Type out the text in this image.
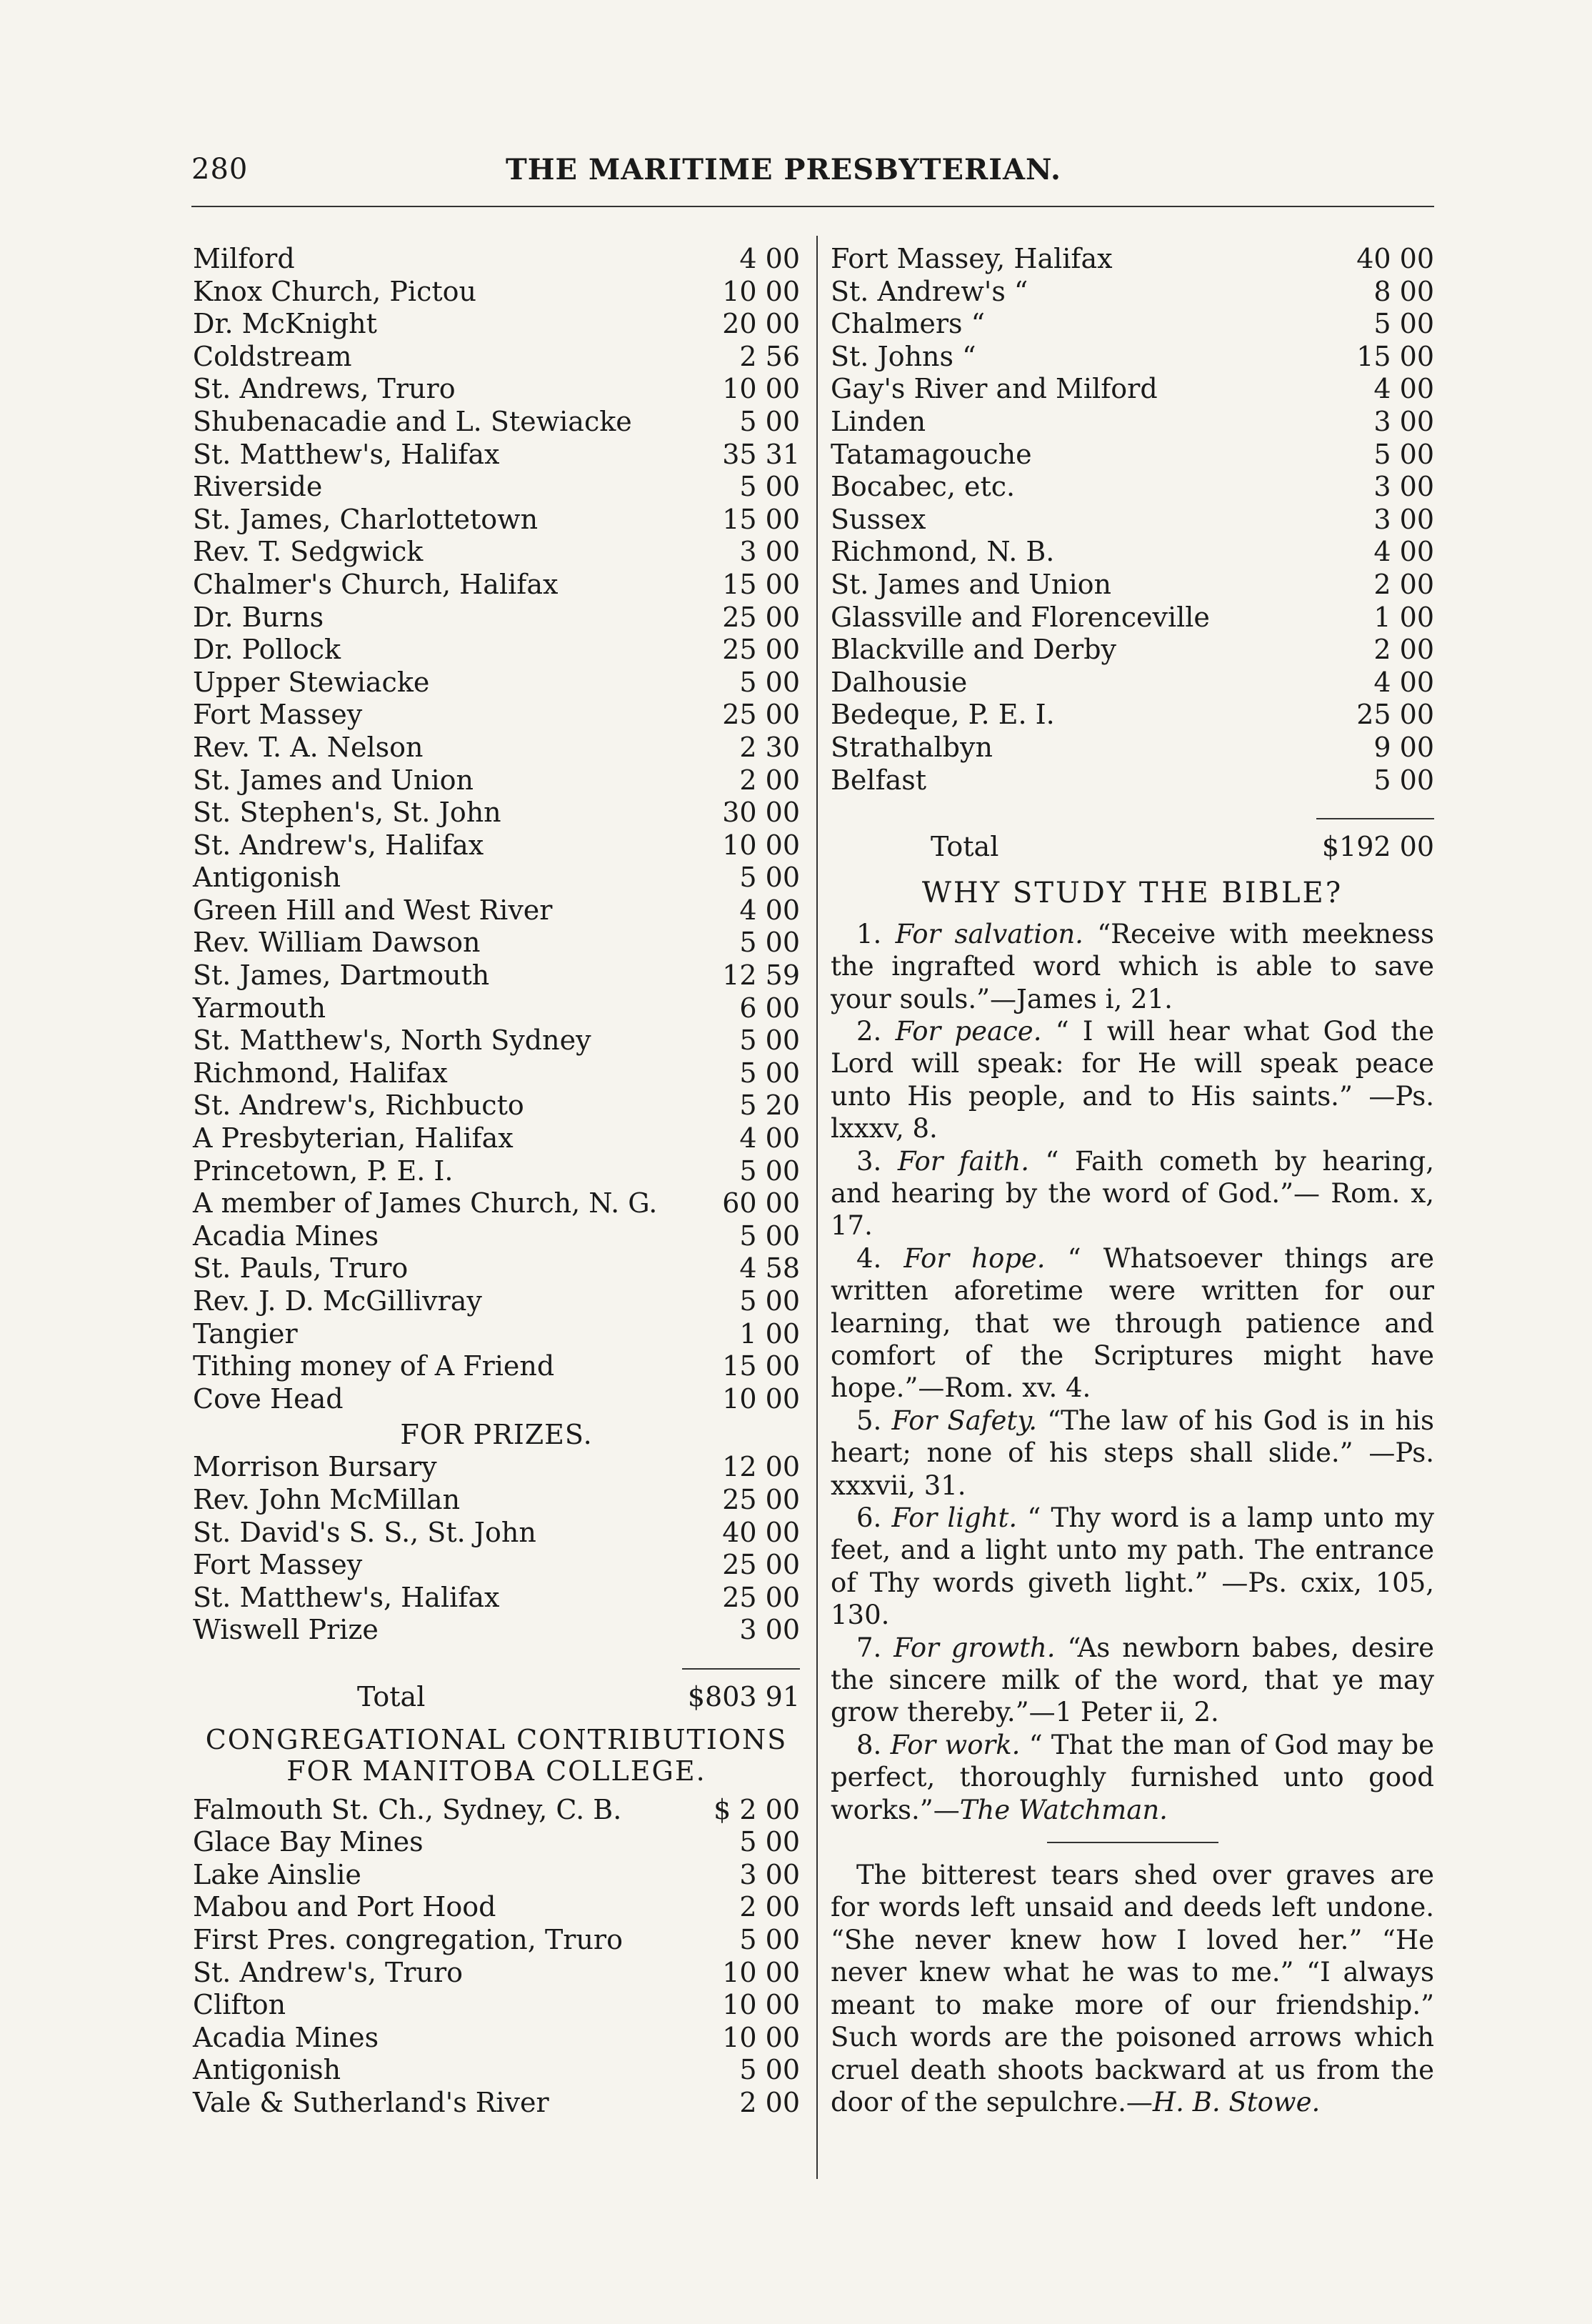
280	THE MARITIME PRESBYTERIAN.
Milford	4 00
Knox Church, Pictou	10 00
Dr. McKnight	20 00
Coldstream	2 56
St. Andrews, Truro	10 00
Shubenacadie and L. Stewiacke	5 00
St. Matthew's, Halifax	35 31
Riverside	5 00
St. James, Charlottetown	15 00
Rev. T. Sedgwick	3 00
Chalmer's Church, Halifax	15 00
Dr. Burns	25 00
Dr. Pollock	25 00
Upper Stewiacke	5 00
Fort Massey	25 00
Rev. T. A. Nelson	2 30
St. James and Union	2 00
St. Stephen's, St. John	30 00
St. Andrew's, Halifax	10 00
Antigonish	5 00
Green Hill and West River	4 00
Rev. William Dawson	5 00
St. James, Dartmouth	12 59
Yarmouth	6 00
St. Matthew's, North Sydney	5 00
Richmond, Halifax	5 00
St. Andrew's, Richbucto	5 20
A Presbyterian, Halifax	4 00
Princetown, P. E. I.	5 00
A member of James Church, N. G. 60 00
Acadia Mines	5 00
St. Pauls, Truro	4 58
Rev. J. D. McGillivray	5 00
Tangier	1 00
Tithing money of A Friend	15 00
Cove Head	10 00
FOR PRIZES.
Morrison Bursary	12 00
Rev. John McMillan	25 00
St. David's S. S., St. John	40 00
Fort Massey	25 00
St. Matthew's, Halifax	25 00
Wiswell Prize	3 00
Total	$803 91
CONGREGATIONAL CONTRIBUTIONS FOR MANITOBA COLLEGE.
Falmouth St. Ch., Sydney, C. B.	$ 2 00
Glace Bay Mines	5 00
Lake Ainslie	3 00
Mabou and Port Hood	2 00
First Pres. congregation, Truro	5 00
St. Andrew's, Truro	10 00
Clifton	10 00
Acadia Mines	10 00
Antigonish	5 00
Vale & Sutherland's River	2 00
Fort Massey, Halifax	40 00
St. Andrew's “	8 00
Chalmers “	5 00
St. Johns “	15 00
Gay's River and Milford	4 00
Linden	3 00
Tatamagouche	5 00
Bocabec, etc.	3 00
Sussex	3 00
Richmond, N. B.	4 00
St. James and Union	2 00
Glassville and Florenceville	1 00
Blackville and Derby	2 00
Dalhousie	4 00
Bedeque, P. E. I.	25 00
Strathalbyn	9 00
Belfast	5 00
Total	$192 00
WHY STUDY THE BIBLE?

1. For salvation. “Receive with meekness the ingrafted word which is able to save your souls.”—James i, 21.

2. For peace. “ I will hear what God the Lord will speak: for He will speak peace unto His people, and to His saints.” —Ps. lxxxv, 8.

3. For faith. “ Faith cometh by hearing, and hearing by the word of God.”— Rom. x, 17.

4. For hope. “ Whatsoever things are written aforetime were written for our learning, that we through patience and comfort of the Scriptures might have hope.”—Rom. xv. 4.

5. For Safety. “The law of his God is in his heart; none of his steps shall slide.” —Ps. xxxvii, 31.

6. For light. “ Thy word is a lamp unto my feet, and a light unto my path. The entrance of Thy words giveth light.” —Ps. cxix, 105, 130.

7. For growth. “As newborn babes, desire the sincere milk of the word, that ye may grow thereby.”—1 Peter ii, 2.

8. For work. “ That the man of God may be perfect, thoroughly furnished unto good works.”—The Watchman.

The bitterest tears shed over graves are for words left unsaid and deeds left undone. “She never knew how I loved her.” “He never knew what he was to me.” “I always meant to make more of our friendship.” Such words are the poisoned arrows which cruel death shoots backward at us from the door of the sepulchre.—H. B. Stowe.
